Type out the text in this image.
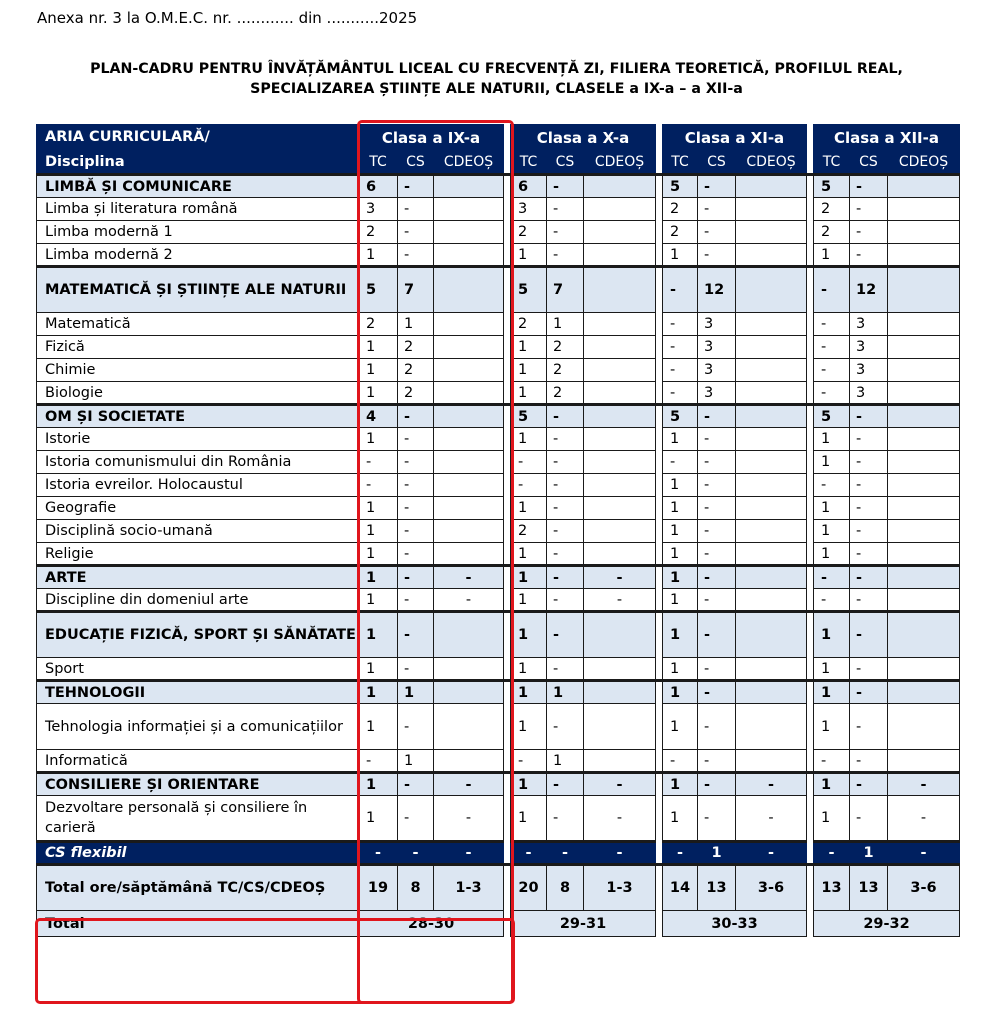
Anexa nr. 3 la O.M.E.C. nr. ............ din ...........2025
PLAN-CADRU PENTRU ÎNVĂȚĂMÂNTUL LICEAL CU FRECVENȚĂ ZI, FILIERA TEORETICĂ, PROFILUL REAL,
SPECIALIZAREA ȘTIINȚE ALE NATURII, CLASELE a IX-a – a XII-a
ARIA CURRICULARĂ/	Clasa a IX-a				Clasa a X-a				Clasa a XI-a				Clasa a XII-a		
Disciplina	TC	CS	CDEOȘ		TC	CS	CDEOȘ		TC	CS	CDEOȘ		TC	CS	CDEOȘ
LIMBĂ ȘI COMUNICARE	6	-			6	-			5	-			5	-	
Limba și literatura română	3	-			3	-			2	-			2	-	
Limba modernă 1	2	-			2	-			2	-			2	-	
Limba modernă 2	1	-			1	-			1	-			1	-	
MATEMATICĂ ȘI ȘTIINȚE ALE NATURII	5	7			5	7			-	12			-	12	
Matematică	2	1			2	1			-	3			-	3	
Fizică	1	2			1	2			-	3			-	3	
Chimie	1	2			1	2			-	3			-	3	
Biologie	1	2			1	2			-	3			-	3	
OM ȘI SOCIETATE	4	-			5	-			5	-			5	-	
Istorie	1	-			1	-			1	-			1	-	
Istoria comunismului din România	-	-			-	-			-	-			1	-	
Istoria evreilor. Holocaustul	-	-			-	-			1	-			-	-	
Geografie	1	-			1	-			1	-			1	-	
Disciplină socio-umană	1	-			2	-			1	-			1	-	
Religie	1	-			1	-			1	-			1	-	
ARTE	1	-	-		1	-	-		1	-			-	-	
Discipline din domeniul arte	1	-	-		1	-	-		1	-			-	-	
EDUCAȚIE FIZICĂ, SPORT ȘI SĂNĂTATE	1	-			1	-			1	-			1	-	
Sport	1	-			1	-			1	-			1	-	
TEHNOLOGII	1	1			1	1			1	-			1	-	
Tehnologia informației și a comunicațiilor	1	-			1	-			1	-			1	-	
Informatică	-	1			-	1			-	-			-	-	
CONSILIERE ȘI ORIENTARE	1	-	-		1	-	-		1	-	-		1	-	-
Dezvoltare personală și consiliere în carieră	1	-	-		1	-	-		1	-	-		1	-	-
CS flexibil	-	-	-		-	-	-		-	1	-		-	1	-
Total ore/săptămână TC/CS/CDEOȘ	19	8	1-3		20	8	1-3		14	13	3-6		13	13	3-6
Total	28-30				29-31				30-33				29-32		
